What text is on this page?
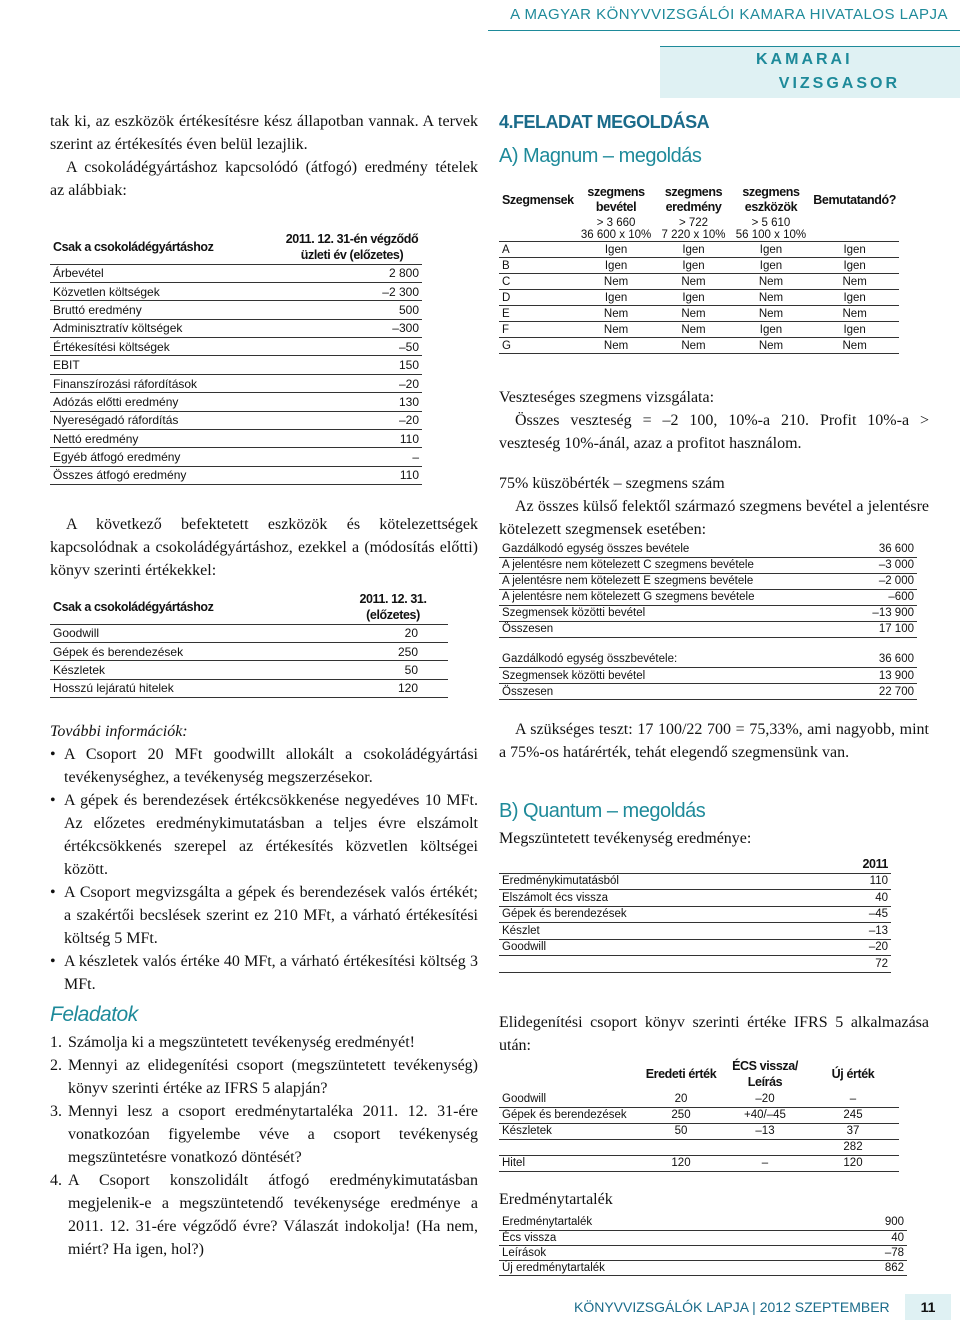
A MAGYAR KÖNYVVIZSGÁLÓI KAMARA HIVATALOS LAPJA
KAMARAI
VIZSGASOR

tak ki, az eszközök értékesítésre kész állapotban vannak. A tervek szerint az értékesítés éven belül lezajlik.

A csokoládégyártáshoz kapcsolódó (átfogó) eredmény tételek az alábbiak:

Csak a csokoládégyártáshoz	2011. 12. 31-én végződő üzleti év (előzetes)
Árbevétel	2 800
Közvetlen költségek	–2 300
Bruttó eredmény	500
Adminisztratív költségek	–300
Értékesítési költségek	–50
EBIT	150
Finanszírozási ráfordítások	–20
Adózás előtti eredmény	130
Nyereségadó ráfordítás	–20
Nettó eredmény	110
Egyéb átfogó eredmény	–
Összes átfogó eredmény	110

A következő befektetett eszközök és kötelezettségek kapcsolódnak a csokoládégyártáshoz, ezekkel a (módosítás előtti) könyv szerinti értékekkel:

Csak a csokoládégyártáshoz	2011. 12. 31. (előzetes)
Goodwill	20
Gépek és berendezések	250
Készletek	50
Hosszú lejáratú hitelek	120

További információk:

• A Csoport 20 MFt goodwillt allokált a csokoládégyártási tevékenységhez, a tevékenység megszerzésekor.
• A gépek és berendezések értékcsökkenése negyedéves 10 MFt. Az előzetes eredménykimutatásban a teljes évre elszámolt értékcsökkenés szerepel az értékesítés közvetlen költségei között.
• A Csoport megvizsgálta a gépek és berendezések valós értékét; a szakértői becslések szerint ez 210 MFt, a várható értékesítési költség 5 MFt.
• A készletek valós értéke 40 MFt, a várható értékesítési költség 3 MFt.
Feladatok
1. Számolja ki a megszüntetett tevékenység eredményét!
2. Mennyi az elidegenítési csoport (megszüntetett tevékenység) könyv szerinti értéke az IFRS 5 alapján?
3. Mennyi lesz a csoport eredménytartaléka 2011. 12. 31-ére vonatkozóan figyelembe véve a csoport tevékenység megszüntetésre vonatkozó döntését?
4. A Csoport konszolidált átfogó eredménykimutatásban megjelenik-e a megszüntetendő tevékenysége eredménye a 2011. 12. 31-ére végződő évre? Válaszát indokolja! (Ha nem, miért? Ha igen, hol?)
4.FELADAT MEGOLDÁSA
A) Magnum – megoldás
Szegmensek	szegmens bevétel	szegmens eredmény	szegmens eszközök	Bemutatandó?
	> 3 660	> 722	> 5 610	
	36 600 x 10%	7 220 x 10%	56 100 x 10%	
A	Igen	Igen	Igen	Igen
B	Igen	Igen	Igen	Igen
C	Nem	Nem	Nem	Nem
D	Igen	Igen	Nem	Igen
E	Nem	Nem	Nem	Nem
F	Nem	Nem	Igen	Igen
G	Nem	Nem	Nem	Nem

Veszteséges szegmens vizsgálata:

Összes veszteség = –2 100, 10%-a 210. Profit 10%-a > veszteség 10%-ánál, azaz a profitot használom.

75% küszöbérték – szegmens szám

Az összes külső felektől származó szegmens bevétel a jelentésre kötelezett szegmensek esetében:

Gazdálkodó egység összes bevétele	36 600
A jelentésre nem kötelezett C szegmens bevétele	–3 000
A jelentésre nem kötelezett E szegmens bevétele	–2 000
A jelentésre nem kötelezett G szegmens bevétele	–600
Szegmensek közötti bevétel	–13 900
Összesen	17 100
Gazdálkodó egység összbevétele:	36 600
Szegmensek közötti bevétel	13 900
Összesen	22 700

A szükséges teszt: 17 100/22 700 = 75,33%, ami nagyobb, mint a 75%-os határérték, tehát elegendő szegmensünk van.

B) Quantum – megoldás

Megszüntetett tevékenység eredménye:

	2011
Eredménykimutatásból	110
Elszámolt écs vissza	40
Gépek és berendezések	–45
Készlet	–13
Goodwill	–20
	72

Elidegenítési csoport könyv szerinti értéke IFRS 5 alkalmazása után:

	Eredeti érték	ÉCS vissza/ Leírás	Új érték
Goodwill	20	–20	–
Gépek és berendezések	250	+40/–45	245
Készletek	50	–13	37
			282
Hitel	120	–	120

Eredménytartalék

Eredménytartalék	900
Écs vissza	40
Leírások	–78
Új eredménytartalék	862
KÖNYVVIZSGÁLÓK LAPJA | 2012 SZEPTEMBER	11
